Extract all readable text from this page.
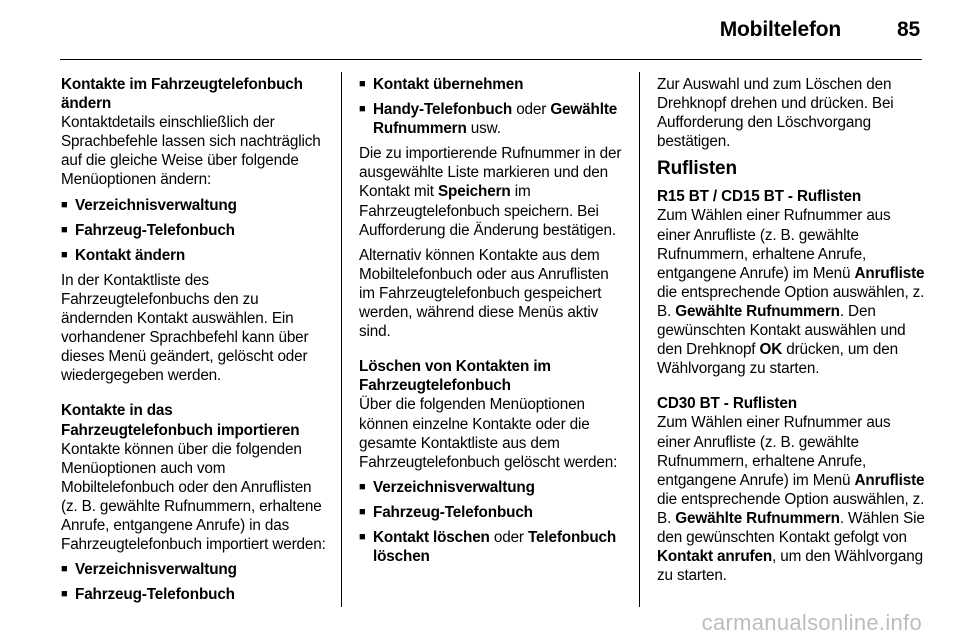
Mobiltelefon	85

Kontakte im Fahrzeugtelefonbuch ändern

Kontaktdetails einschließlich der Sprachbefehle lassen sich nachträglich auf die gleiche Weise über folgende Menüoptionen ändern:

■ Verzeichnisverwaltung
■ Fahrzeug-Telefonbuch
■ Kontakt ändern

In der Kontaktliste des Fahrzeugtelefonbuchs den zu ändernden Kontakt auswählen. Ein vorhandener Sprachbefehl kann über dieses Menü geändert, gelöscht oder wiedergegeben werden.

Kontakte in das Fahrzeugtelefonbuch importieren

Kontakte können über die folgenden Menüoptionen auch vom Mobiltelefonbuch oder den Anruflisten (z. B. gewählte Rufnummern, erhaltene Anrufe, entgangene Anrufe) in das Fahrzeugtelefonbuch importiert werden:

■ Verzeichnisverwaltung
■ Fahrzeug-Telefonbuch
■ Kontakt übernehmen
■ Handy-Telefonbuch oder Gewählte Rufnummern usw.

Die zu importierende Rufnummer in der ausgewählte Liste markieren und den Kontakt mit Speichern im Fahrzeugtelefonbuch speichern. Bei Aufforderung die Änderung bestätigen.

Alternativ können Kontakte aus dem Mobiltelefonbuch oder aus Anruflisten im Fahrzeugtelefonbuch gespeichert werden, während diese Menüs aktiv sind.

Löschen von Kontakten im Fahrzeugtelefonbuch

Über die folgenden Menüoptionen können einzelne Kontakte oder die gesamte Kontaktliste aus dem Fahrzeugtelefonbuch gelöscht werden:

■ Verzeichnisverwaltung
■ Fahrzeug-Telefonbuch
■ Kontakt löschen oder Telefonbuch löschen

Zur Auswahl und zum Löschen den Drehknopf drehen und drücken. Bei Aufforderung den Löschvorgang bestätigen.

Ruflisten

R15 BT / CD15 BT - Ruflisten

Zum Wählen einer Rufnummer aus einer Anrufliste (z. B. gewählte Rufnummern, erhaltene Anrufe, entgangene Anrufe) im Menü Anrufliste die entsprechende Option auswählen, z. B. Gewählte Rufnummern. Den gewünschten Kontakt auswählen und den Drehknopf OK drücken, um den Wählvorgang zu starten.

CD30 BT - Ruflisten

Zum Wählen einer Rufnummer aus einer Anrufliste (z. B. gewählte Rufnummern, erhaltene Anrufe, entgangene Anrufe) im Menü Anrufliste die entsprechende Option auswählen, z. B. Gewählte Rufnummern. Wählen Sie den gewünschten Kontakt gefolgt von Kontakt anrufen, um den Wählvorgang zu starten.

carmanualsonline.info
